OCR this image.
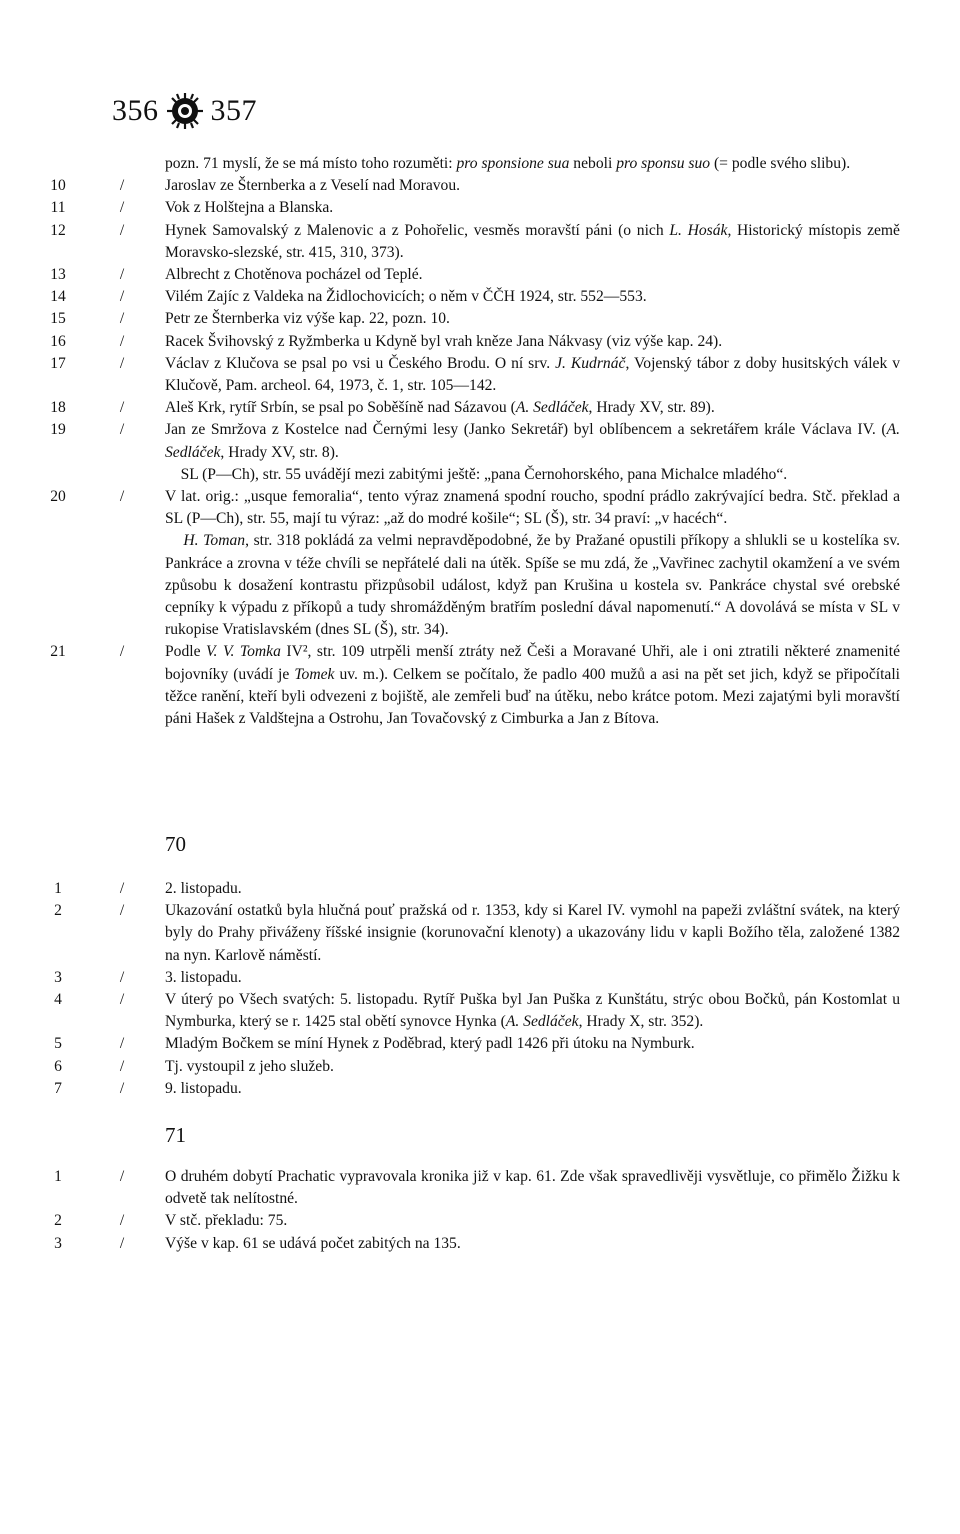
356 357
pozn. 71 myslí, že se má místo toho rozuměti: pro sponsione sua neboli pro sponsu suo (= podle svého slibu).
10	/	Jaroslav ze Šternberka a z Veselí nad Moravou.
11	/	Vok z Holštejna a Blanska.
12	/	Hynek Samovalský z Malenovic a z Pohořelic, vesměs moravští páni (o nich L. Hosák, Historický místopis země Moravsko-slezské, str. 415, 310, 373).
13	/	Albrecht z Chotěnova pocházel od Teplé.
14	/	Vilém Zajíc z Valdeka na Židlochovicích; o něm v ČČH 1924, str. 552—553.
15	/	Petr ze Šternberka viz výše kap. 22, pozn. 10.
16	/	Racek Švihovský z Ryžmberka u Kdyně byl vrah kněze Jana Nákvasy (viz výše kap. 24).
17	/	Václav z Klučova se psal po vsi u Českého Brodu. O ní srv. J. Kudrnáč, Vojenský tábor z doby husitských válek v Klučově, Pam. archeol. 64, 1973, č. 1, str. 105—142.
18	/	Aleš Krk, rytíř Srbín, se psal po Soběšíně nad Sázavou (A. Sedláček, Hrady XV, str. 89).
19	/	Jan ze Smržova z Kostelce nad Černými lesy (Janko Sekretář) byl oblíbencem a sekretářem krále Václava IV. (A. Sedláček, Hrady XV, str. 8).
SL (P—Ch), str. 55 uvádějí mezi zabitými ještě: „pana Černohorského, pana Michalce mladého“.
20	/	V lat. orig.: „usque femoralia“, tento výraz znamená spodní roucho, spodní prádlo zakrývající bedra. Stč. překlad a SL (P—Ch), str. 55, mají tu výraz: „až do modré košile“; SL (Š), str. 34 praví: „v hacéch“.
H. Toman, str. 318 pokládá za velmi nepravděpodobné, že by Pražané opustili příkopy a shlukli se u kostelíka sv. Pankráce a zrovna v téže chvíli se nepřátelé dali na útěk. Spíše se mu zdá, že „Vavřinec zachytil okamžení a ve svém způsobu k dosažení kontrastu přizpůsobil událost, když pan Krušina u kostela sv. Pankráce chystal své orebské cepníky k výpadu z příkopů a tudy shromážděným bratřím poslední dával napomenutí.“ A dovolává se místa v SL v rukopise Vratislavském (dnes SL (Š), str. 34).
21	/	Podle V. V. Tomka IV², str. 109 utrpěli menší ztráty než Češi a Moravané Uhři, ale i oni ztratili některé znamenité bojovníky (uvádí je Tomek uv. m.). Celkem se počítalo, že padlo 400 mužů a asi na pět set jich, když se připočítali těžce ranění, kteří byli odvezeni z bojiště, ale zemřeli buď na útěku, nebo krátce potom. Mezi zajatými byli moravští páni Hašek z Valdštejna a Ostrohu, Jan Tovačovský z Cimburka a Jan z Bítova.
70
1	/	2. listopadu.
2	/	Ukazování ostatků byla hlučná pouť pražská od r. 1353, kdy si Karel IV. vymohl na papeži zvláštní svátek, na který byly do Prahy přiváženy říšské insignie (korunovační klenoty) a ukazovány lidu v kapli Božího těla, založené 1382 na nyn. Karlově náměstí.
3	/	3. listopadu.
4	/	V úterý po Všech svatých: 5. listopadu. Rytíř Puška byl Jan Puška z Kunštátu, strýc obou Bočků, pán Kostomlat u Nymburka, který se r. 1425 stal obětí synovce Hynka (A. Sedláček, Hrady X, str. 352).
5	/	Mladým Bočkem se míní Hynek z Poděbrad, který padl 1426 při útoku na Nymburk.
6	/	Tj. vystoupil z jeho služeb.
7	/	9. listopadu.
71
1	/	O druhém dobytí Prachatic vypravovala kronika již v kap. 61. Zde však spravedlivěji vysvětluje, co přimělo Žižku k odvetě tak nelítostné.
2	/	V stč. překladu: 75.
3	/	Výše v kap. 61 se udává počet zabitých na 135.
